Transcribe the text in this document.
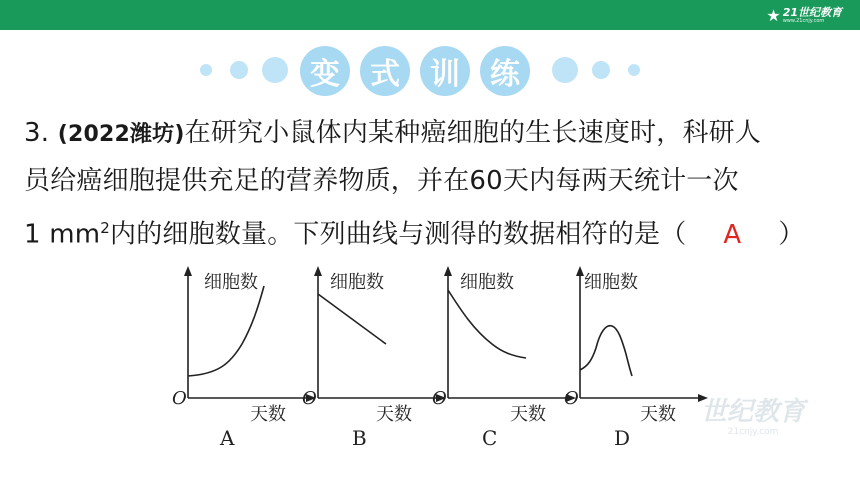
★ 21世纪教育
www.21cnjy.com
变	式	训	练
3. (2022潍坊)在研究小鼠体内某种癌细胞的生长速度时，科研人
员给癌细胞提供充足的营养物质，并在60天内每两天统计一次
1 $mm^2$内的细胞数量。下列曲线与测得的数据相符的是（ A ）
细胞数
O
天数
A
细胞数
O
天数
B
细胞数
O
天数
C
细胞数
O
天数
D
世纪教育
21cnjy.com
